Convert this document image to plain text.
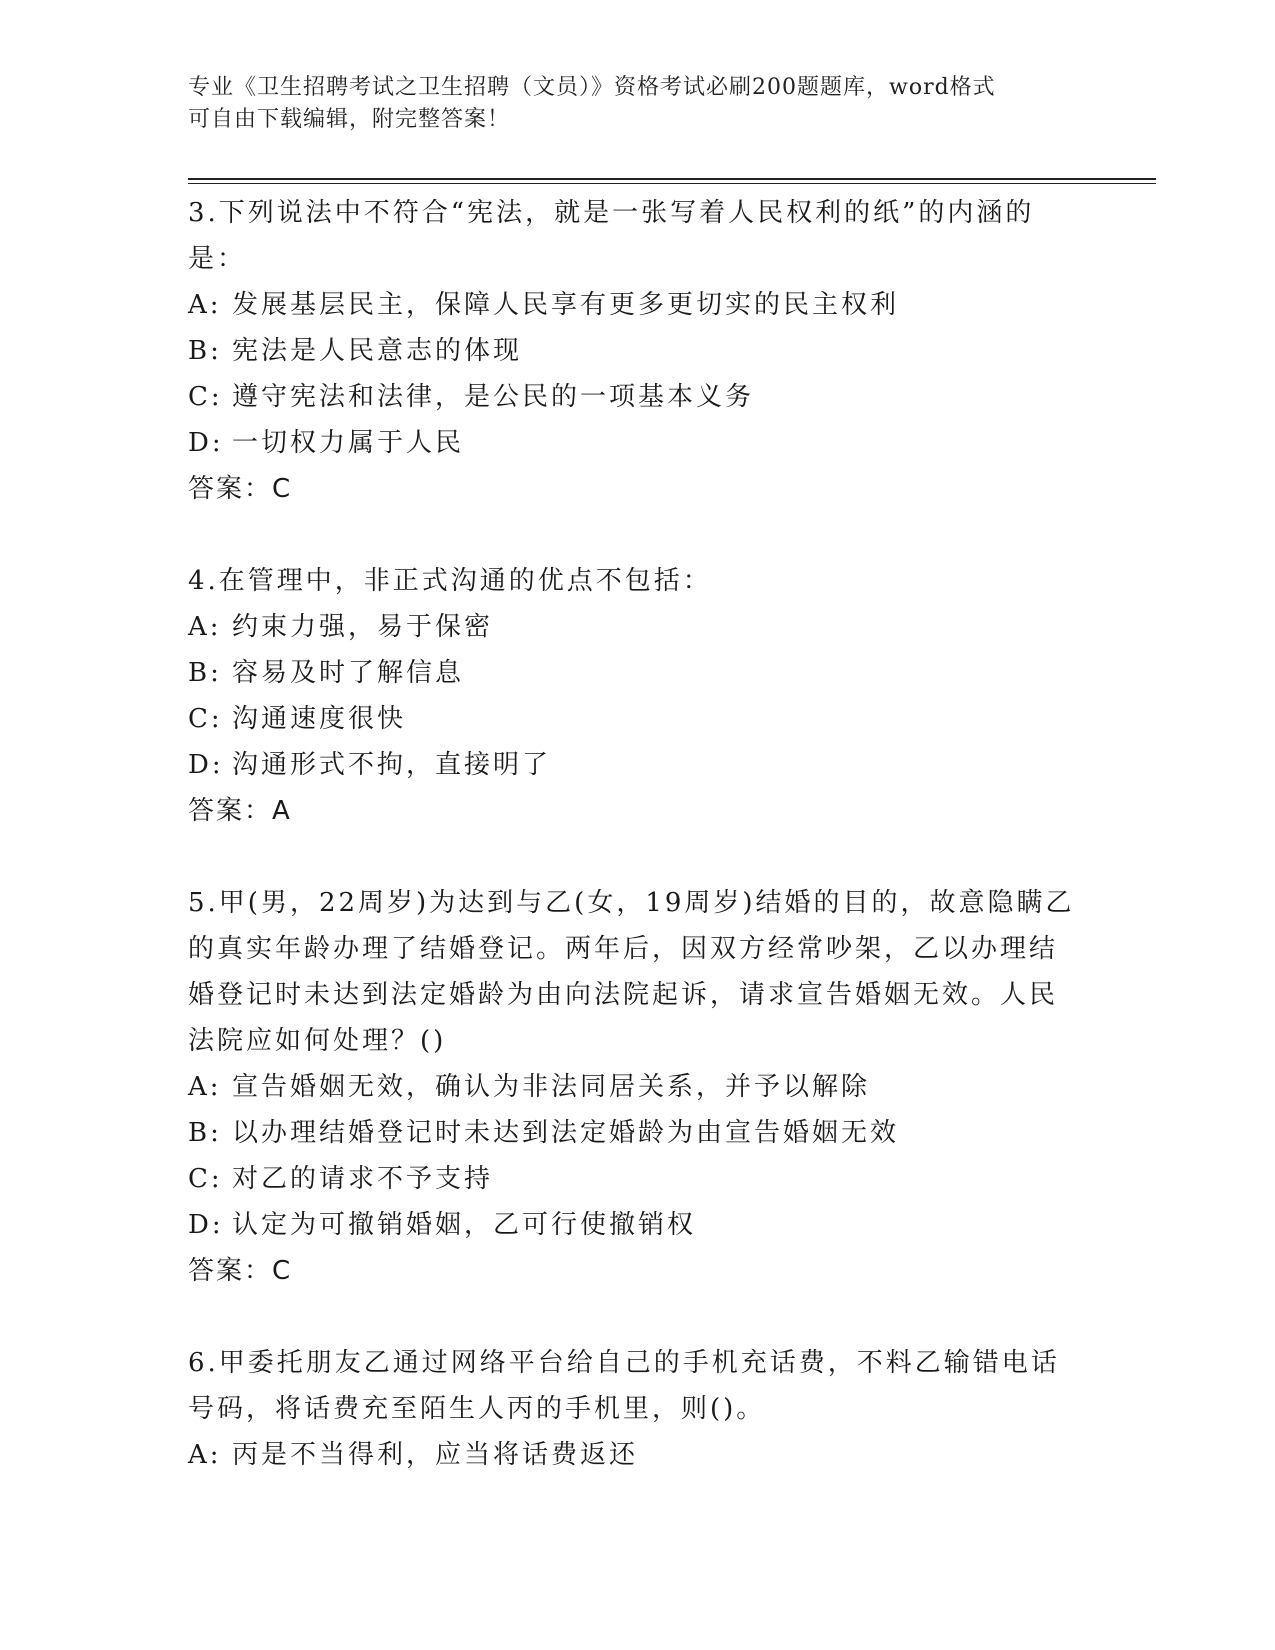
专业《卫生招聘考试之卫生招聘（文员）》资格考试必刷200题题库，word格式
可自由下载编辑，附完整答案！
3.下列说法中不符合“宪法，就是一张写着人民权利的纸”的内涵的
是：
A: 发展基层民主，保障人民享有更多更切实的民主权利
B: 宪法是人民意志的体现
C: 遵守宪法和法律，是公民的一项基本义务
D: 一切权力属于人民
答案：C
4.在管理中，非正式沟通的优点不包括：
A: 约束力强，易于保密
B: 容易及时了解信息
C: 沟通速度很快
D: 沟通形式不拘，直接明了
答案：A
5.甲(男，22周岁)为达到与乙(女，19周岁)结婚的目的，故意隐瞒乙
的真实年龄办理了结婚登记。两年后，因双方经常吵架，乙以办理结
婚登记时未达到法定婚龄为由向法院起诉，请求宣告婚姻无效。人民
法院应如何处理？()
A: 宣告婚姻无效，确认为非法同居关系，并予以解除
B: 以办理结婚登记时未达到法定婚龄为由宣告婚姻无效
C: 对乙的请求不予支持
D: 认定为可撤销婚姻，乙可行使撤销权
答案：C
6.甲委托朋友乙通过网络平台给自己的手机充话费，不料乙输错电话
号码，将话费充至陌生人丙的手机里，则()。
A: 丙是不当得利，应当将话费返还
